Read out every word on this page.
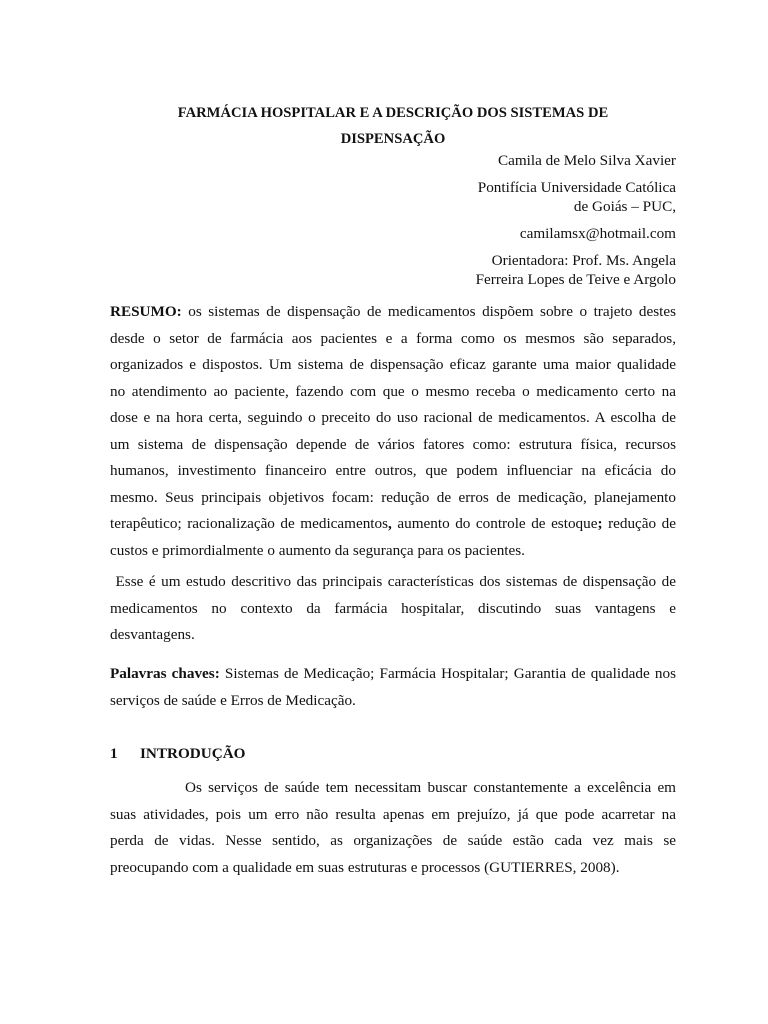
FARMÁCIA HOSPITALAR E A DESCRIÇÃO DOS SISTEMAS DE

DISPENSAÇÃO

Camila de Melo Silva Xavier

Pontifícia Universidade Católica

de Goiás – PUC,

camilamsx@hotmail.com

Orientadora: Prof. Ms. Angela

Ferreira Lopes de Teive e Argolo

RESUMO: os sistemas de dispensação de medicamentos dispõem sobre o trajeto destes
desde o setor de farmácia aos pacientes e a forma como os mesmos são separados,
organizados e dispostos. Um sistema de dispensação eficaz garante uma maior qualidade
no atendimento ao paciente, fazendo com que o mesmo receba o medicamento certo na
dose e na hora certa, seguindo o preceito do uso racional de medicamentos. A escolha de
um sistema de dispensação depende de vários fatores como: estrutura física, recursos
humanos, investimento financeiro entre outros, que podem influenciar na eficácia do
mesmo. Seus principais objetivos focam: redução de erros de medicação, planejamento
terapêutico; racionalização de medicamentos, aumento do controle de estoque; redução de
custos e primordialmente o aumento da segurança para os pacientes.
Esse é um estudo descritivo das principais características dos sistemas de dispensação de
medicamentos no contexto da farmácia hospitalar, discutindo suas vantagens e
desvantagens.
Palavras chaves: Sistemas de Medicação; Farmácia Hospitalar; Garantia de qualidade nos
serviços de saúde e Erros de Medicação.

1 INTRODUÇÃO

Os serviços de saúde tem necessitam buscar constantemente a excelência em
suas atividades, pois um erro não resulta apenas em prejuízo, já que pode acarretar na
perda de vidas. Nesse sentido, as organizações de saúde estão cada vez mais se
preocupando com a qualidade em suas estruturas e processos (GUTIERRES, 2008).
